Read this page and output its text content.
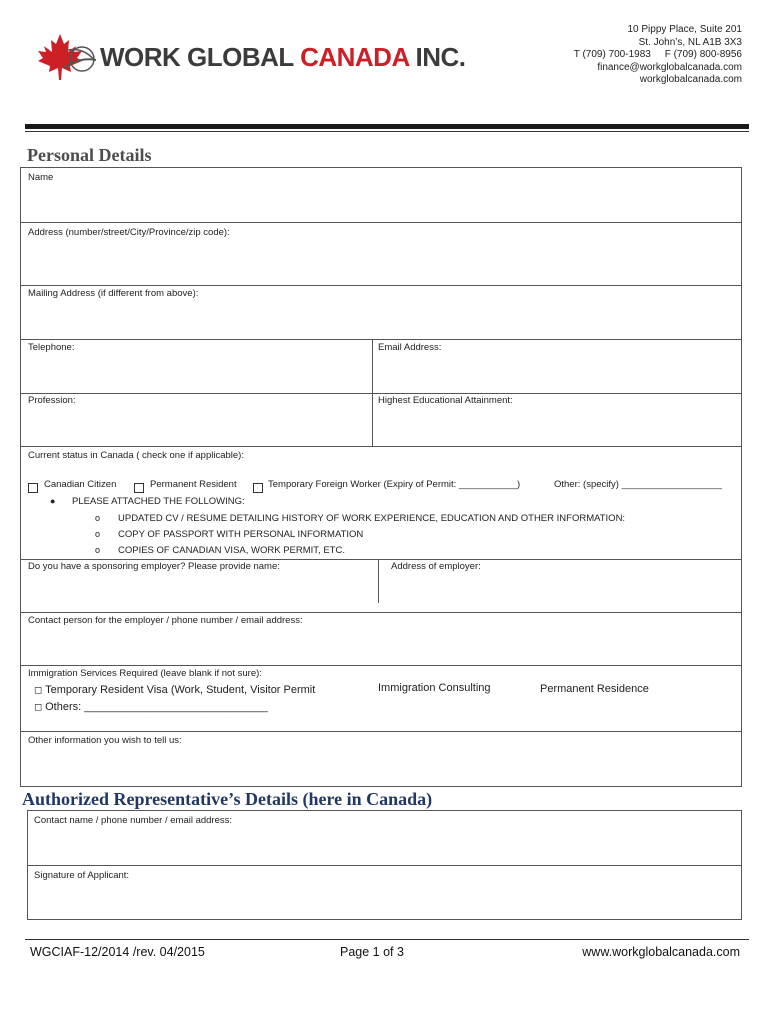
WORK GLOBAL CANADA INC.
10 Pippy Place, Suite 201
St. John’s, NL A1B 3X3
T (709) 700-1983     F (709) 800-8956
finance@workglobalcanada.com
workglobalcanada.com
Personal Details
Name
Address (number/street/City/Province/zip code):
Mailing Address (if different from above):
Telephone:	Email Address:
Profession:	Highest Educational Attainment:
Current status in Canada ( check one if applicable):
Canadian Citizen	Permanent Resident	Temporary Foreign Worker (Expiry of Permit: ___________)	Other: (specify) ___________________
● PLEASE ATTACHED THE FOLLOWING:
o UPDATED CV / RESUME DETAILING HISTORY OF WORK EXPERIENCE, EDUCATION AND OTHER INFORMATION:
o COPY OF PASSPORT WITH PERSONAL INFORMATION
o COPIES OF CANADIAN VISA, WORK PERMIT, ETC.
Do you have a sponsoring employer? Please provide name:	Address of employer:
Contact person for the employer / phone number / email address:
Immigration Services Required (leave blank if not sure):
◻ Temporary Resident Visa (Work, Student, Visitor Permit
◻ Others: ______________________________
Immigration Consulting	Permanent Residence
Other information you wish to tell us:
Authorized Representative’s Details (here in Canada)
Contact name / phone number / email address:
Signature of Applicant:
WGCIAF-12/2014 /rev. 04/2015	Page 1 of 3	www.workglobalcanada.com
